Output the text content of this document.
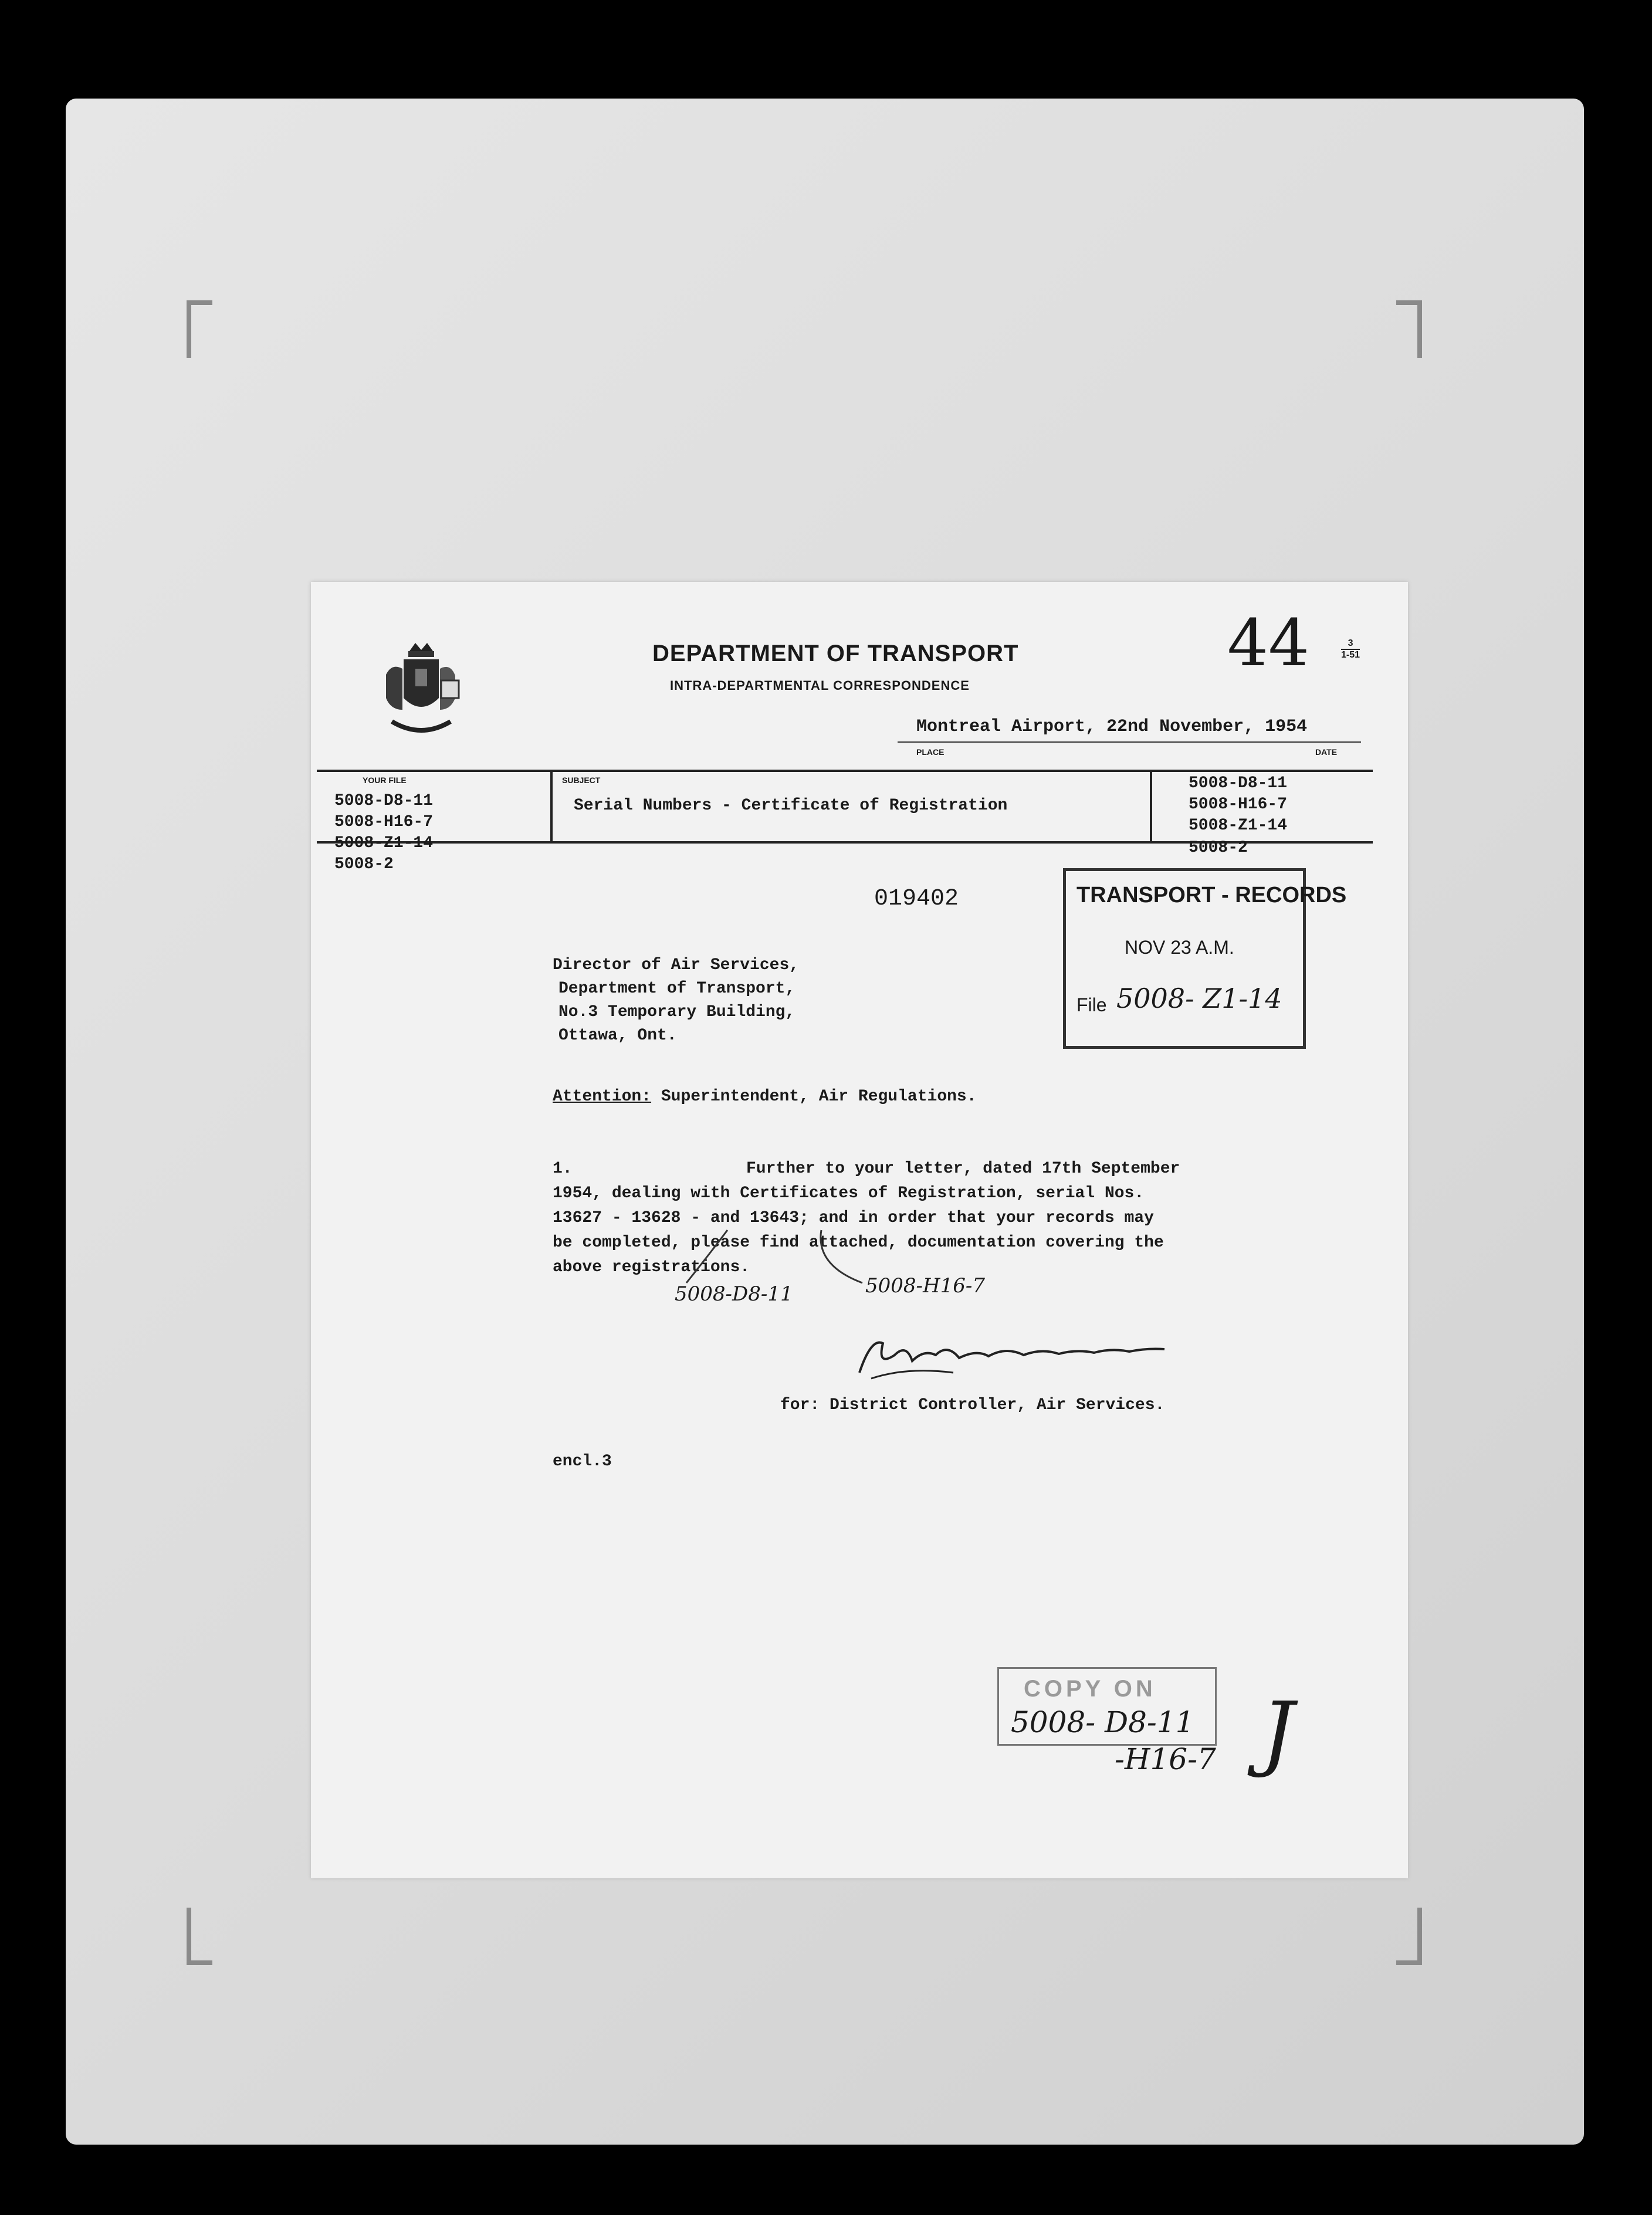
DEPARTMENT OF TRANSPORT
INTRA-DEPARTMENTAL CORRESPONDENCE
44	$\frac{3}{1-51}$
Montreal Airport, 22nd November, 1954
PLACE	DATE
YOUR FILE	SUBJECT
5008-D8-11
5008-H16-7
5008-Z1-14
5008-2
Serial Numbers - Certificate of Registration
5008-D8-11
5008-H16-7
5008-Z1-14
5008-2
019402	TRANSPORT - RECORDS
NOV 23 A.M.
File 5008- Z1-14
Director of Air Services,
Department of Transport,
No.3 Temporary Building,
Ottawa, Ont.
Attention: Superintendent, Air Regulations.
1.	Further to your letter, dated 17th September
1954, dealing with Certificates of Registration, serial Nos.
13627 - 13628 - and 13643; and in order that your records may
be completed, please find attached, documentation covering the
above registrations.
5008-D8-11	5008-H16-7
for: District Controller, Air Services.
encl.3
COPY ON
5008- D8-11
-H16-7 J
